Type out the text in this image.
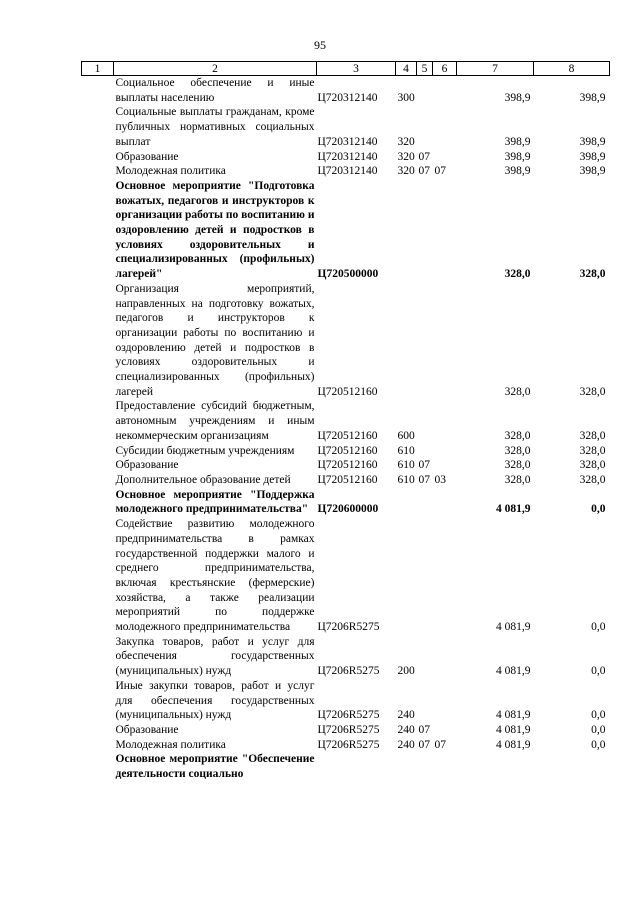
95
1	2	3	4	5	6	7	8
	Социальное обеспечение и иные выплаты населению	Ц720312140	300			398,9	398,9
	Социальные выплаты гражданам, кроме публичных нормативных социальных выплат	Ц720312140	320			398,9	398,9
	Образование	Ц720312140	320	07		398,9	398,9
	Молодежная политика	Ц720312140	320	07	07	398,9	398,9
	Основное мероприятие "Подготовка вожатых, педагогов и инструкторов к организации работы по воспитанию и оздоровлению детей и подростков в условиях оздоровительных и специализированных (профильных) лагерей"	Ц720500000				328,0	328,0
	Организация мероприятий, направленных на подготовку вожатых, педагогов и инструкторов к организации работы по воспитанию и оздоровлению детей и подростков в условиях оздоровительных и специализированных (профильных) лагерей	Ц720512160				328,0	328,0
	Предоставление субсидий бюджетным, автономным учреждениям и иным некоммерческим организациям	Ц720512160	600			328,0	328,0
	Субсидии бюджетным учреждениям	Ц720512160	610			328,0	328,0
	Образование	Ц720512160	610	07		328,0	328,0
	Дополнительное образование детей	Ц720512160	610	07	03	328,0	328,0
	Основное мероприятие "Поддержка молодежного предпринимательства"	Ц720600000				4 081,9	0,0
	Содействие развитию молодежного предпринимательства в рамках государственной поддержки малого и среднего предпринимательства, включая крестьянские (фермерские) хозяйства, а также реализации мероприятий по поддержке молодежного предпринимательства	Ц7206R5275				4 081,9	0,0
	Закупка товаров, работ и услуг для обеспечения государственных (муниципальных) нужд	Ц7206R5275	200			4 081,9	0,0
	Иные закупки товаров, работ и услуг для обеспечения государственных (муниципальных) нужд	Ц7206R5275	240			4 081,9	0,0
	Образование	Ц7206R5275	240	07		4 081,9	0,0
	Молодежная политика	Ц7206R5275	240	07	07	4 081,9	0,0
	Основное мероприятие "Обеспечение деятельности социально						
